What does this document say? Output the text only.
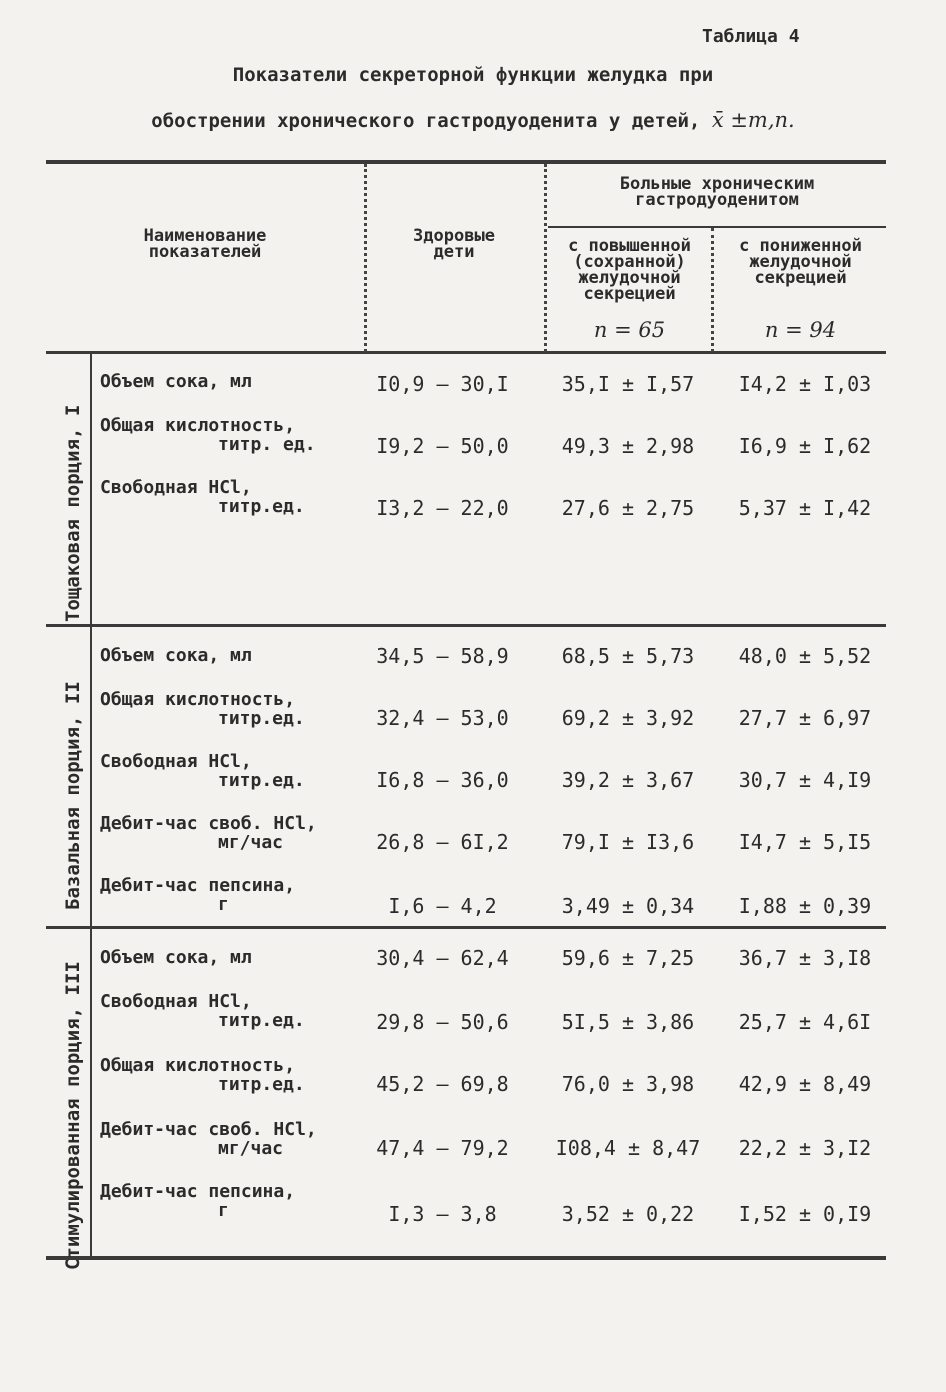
Таблица 4
Показатели секреторной функции желудка при
обострении хронического гастродуоденита у детей, x̄ ±m,n.
Наименование
показателей
Здоровые
дети
Больные хроническим
гастродуоденитом
с повышенной
(сохранной)
желудочной
секрецией
n = 65
с пониженной
желудочной
секрецией
n = 94
Тощаковая порция, I
Базальная порция, II
Стимулированная порция, III
Объем сока, мл	I0,9 – 30,I	35,I ± I,57	I4,2 ± I,03
Общая кислотность,
титр. ед.	I9,2 – 50,0	49,3 ± 2,98	I6,9 ± I,62
Свободная HCl,
титр.ед.	I3,2 – 22,0	27,6 ± 2,75	5,37 ± I,42
Объем сока, мл	34,5 – 58,9	68,5 ± 5,73	48,0 ± 5,52
Общая кислотность,
титр.ед.	32,4 – 53,0	69,2 ± 3,92	27,7 ± 6,97
Свободная HCl,
титр.ед.	I6,8 – 36,0	39,2 ± 3,67	30,7 ± 4,I9
Дебит-час своб. HCl,
мг/час	26,8 – 6I,2	79,I ± I3,6	I4,7 ± 5,I5
Дебит-час пепсина,
г	I,6 – 4,2	3,49 ± 0,34	I,88 ± 0,39
Объем сока, мл	30,4 – 62,4	59,6 ± 7,25	36,7 ± 3,I8
Свободная HCl,
титр.ед.	29,8 – 50,6	5I,5 ± 3,86	25,7 ± 4,6I
Общая кислотность,
титр.ед.	45,2 – 69,8	76,0 ± 3,98	42,9 ± 8,49
Дебит-час своб. HCl,
мг/час	47,4 – 79,2	I08,4 ± 8,47	22,2 ± 3,I2
Дебит-час пепсина,
г	I,3 – 3,8	3,52 ± 0,22	I,52 ± 0,I9
